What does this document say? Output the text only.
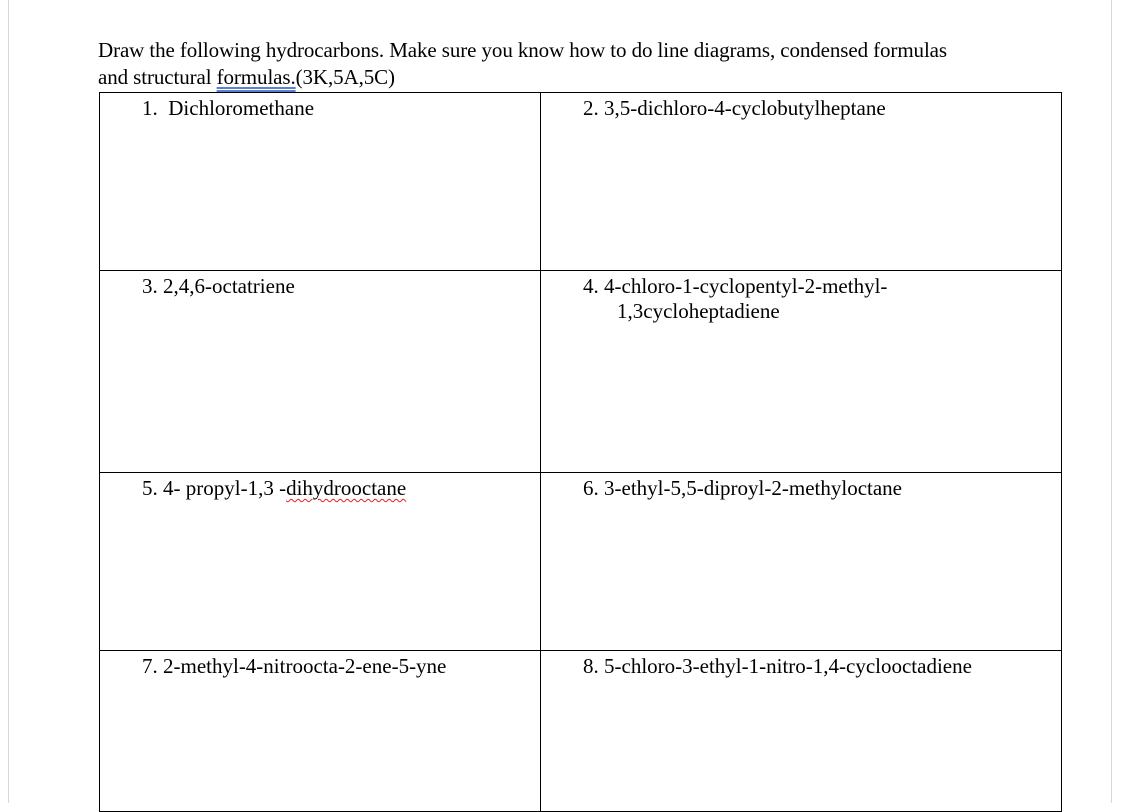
Draw the following hydrocarbons. Make sure you know how to do line diagrams, condensed formulas
and structural formulas.(3K,5A,5C)
1. Dichloromethane	2. 3,5-dichloro-4-cyclobutylheptane

3. 2,4,6-octatriene	4. 4-chloro-1-cyclopentyl-2-methyl-
1,3cycloheptadiene

5. 4- propyl-1,3 -dihydrooctane	6. 3-ethyl-5,5-diproyl-2-methyloctane

7. 2-methyl-4-nitroocta-2-ene-5-yne	8. 5-chloro-3-ethyl-1-nitro-1,4-cyclooctadiene
